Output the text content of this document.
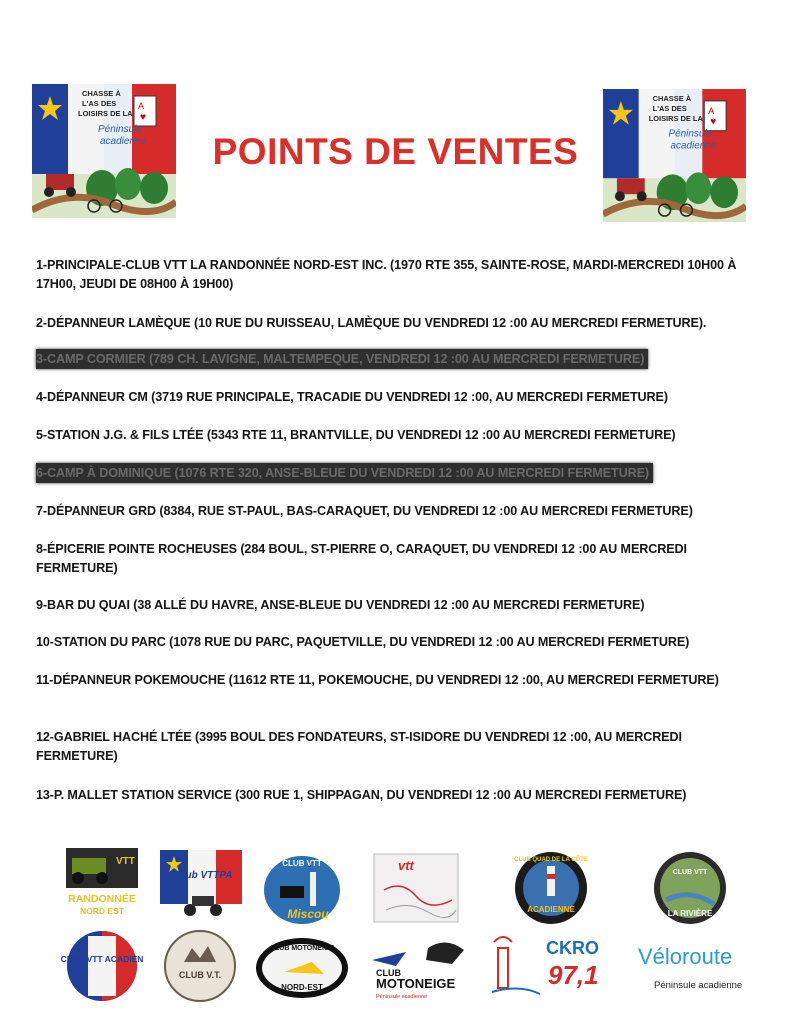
A
♥
CHASSE À
L'AS DES
LOISIRS DE LA
Péninsule
acadienne	POINTS DE VENTES
A
♥
CHASSE À
L'AS DES
LOISIRS DE LA
Péninsule
acadienne
1-PRINCIPALE-CLUB VTT LA RANDONNÉE NORD-EST INC. (1970 RTE 355, SAINTE-ROSE, MARDI-MERCREDI 10H00 À 17H00, JEUDI DE 08H00 À 19H00)
2-DÉPANNEUR LAMÈQUE (10 RUE DU RUISSEAU, LAMÈQUE DU VENDREDI 12 :00 AU MERCREDI FERMETURE).
3-CAMP CORMIER (789 CH. LAVIGNE, MALTEMPEQUE, VENDREDI 12 :00 AU MERCREDI FERMETURE)
4-DÉPANNEUR CM (3719 RUE PRINCIPALE, TRACADIE DU VENDREDI 12 :00, AU MERCREDI FERMETURE)
5-STATION J.G. & FILS LTÉE (5343 RTE 11, BRANTVILLE, DU VENDREDI 12 :00 AU MERCREDI FERMETURE)
6-CAMP À DOMINIQUE (1076 RTE 320, ANSE-BLEUE DU VENDREDI 12 :00 AU MERCREDI FERMETURE)
7-DÉPANNEUR GRD (8384, RUE ST-PAUL, BAS-CARAQUET, DU VENDREDI 12 :00 AU MERCREDI FERMETURE)
8-ÉPICERIE POINTE ROCHEUSES (284 BOUL, ST-PIERRE O, CARAQUET, DU VENDREDI 12 :00 AU MERCREDI FERMETURE)
9-BAR DU QUAI (38 ALLÉ DU HAVRE, ANSE-BLEUE DU VENDREDI 12 :00 AU MERCREDI FERMETURE)
10-STATION DU PARC (1078 RUE DU PARC, PAQUETVILLE, DU VENDREDI 12 :00 AU MERCREDI FERMETURE)
11-DÉPANNEUR POKEMOUCHE (11612 RTE 11, POKEMOUCHE, DU VENDREDI 12 :00, AU MERCREDI FERMETURE)
12-GABRIEL HACHÉ LTÉE (3995 BOUL DES FONDATEURS, ST-ISIDORE DU VENDREDI 12 :00, AU MERCREDI FERMETURE)
13-P. MALLET STATION SERVICE (300 RUE 1, SHIPPAGAN, DU VENDREDI 12 :00 AU MERCREDI FERMETURE)
VTT
RANDONNÉE
NORD EST
Club VTTPA
CLUB VTT
Miscou
vtt	CLUB QUAD DE LA CÔTE
ACADIENNE
CLUB VTT
LA RIVIÈRE
CLUB VTT ACADIEN
CLUB V.T.
CLUB MOTONEIGE
NORD-EST
CLUB
MOTONEIGE
Péninsule acadienne
CKRO
97,1
Véloroute
Péninsule acadienne
